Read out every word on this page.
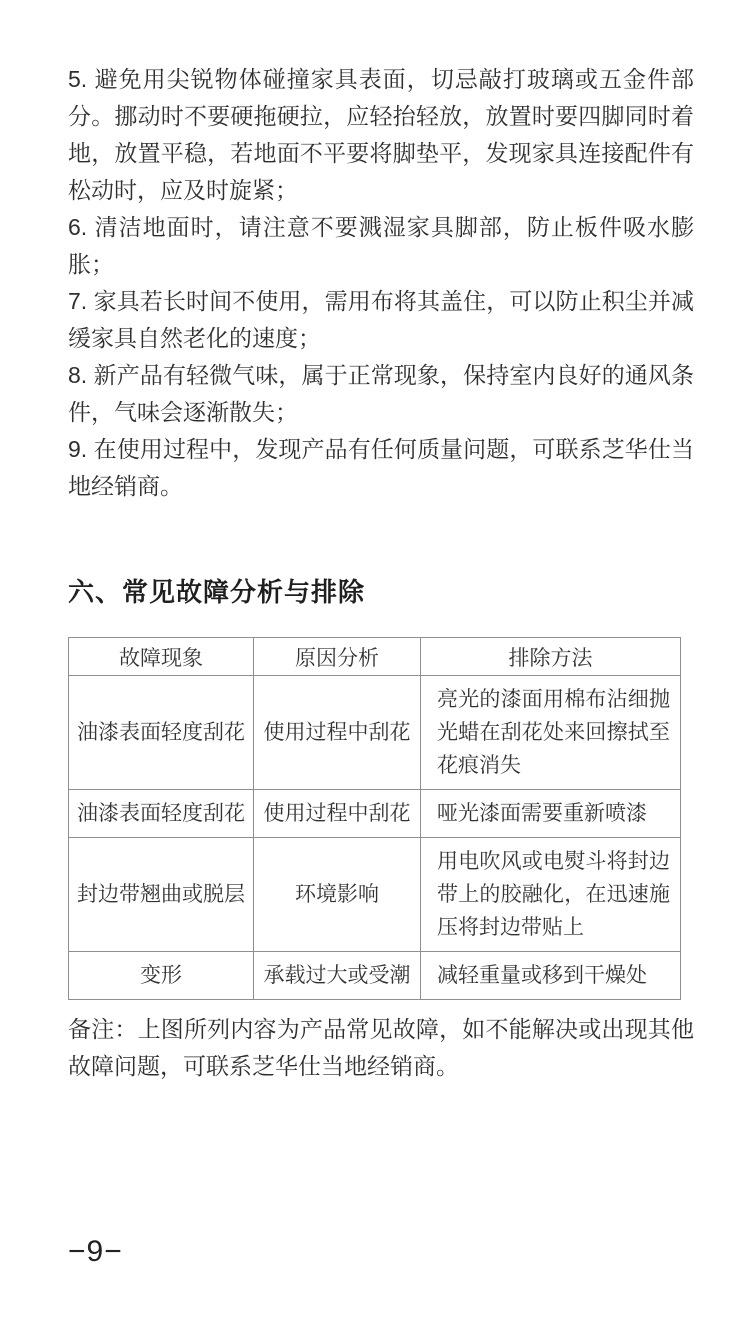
5. 避免用尖锐物体碰撞家具表面，切忌敲打玻璃或五金件部分。挪动时不要硬拖硬拉，应轻抬轻放，放置时要四脚同时着地，放置平稳，若地面不平要将脚垫平，发现家具连接配件有松动时，应及时旋紧；

6. 清洁地面时，请注意不要溅湿家具脚部，防止板件吸水膨胀；

7. 家具若长时间不使用，需用布将其盖住，可以防止积尘并减缓家具自然老化的速度；

8. 新产品有轻微气味，属于正常现象，保持室内良好的通风条件，气味会逐渐散失；

9. 在使用过程中，发现产品有任何质量问题，可联系芝华仕当地经销商。

六、常见故障分析与排除
故障现象	原因分析	排除方法
油漆表面轻度刮花	使用过程中刮花	亮光的漆面用棉布沾细抛光蜡在刮花处来回擦拭至花痕消失
油漆表面轻度刮花	使用过程中刮花	哑光漆面需要重新喷漆
封边带翘曲或脱层	环境影响	用电吹风或电熨斗将封边带上的胶融化，在迅速施压将封边带贴上
变形	承载过大或受潮	减轻重量或移到干燥处

备注：上图所列内容为产品常见故障，如不能解决或出现其他故障问题，可联系芝华仕当地经销商。

−9−
